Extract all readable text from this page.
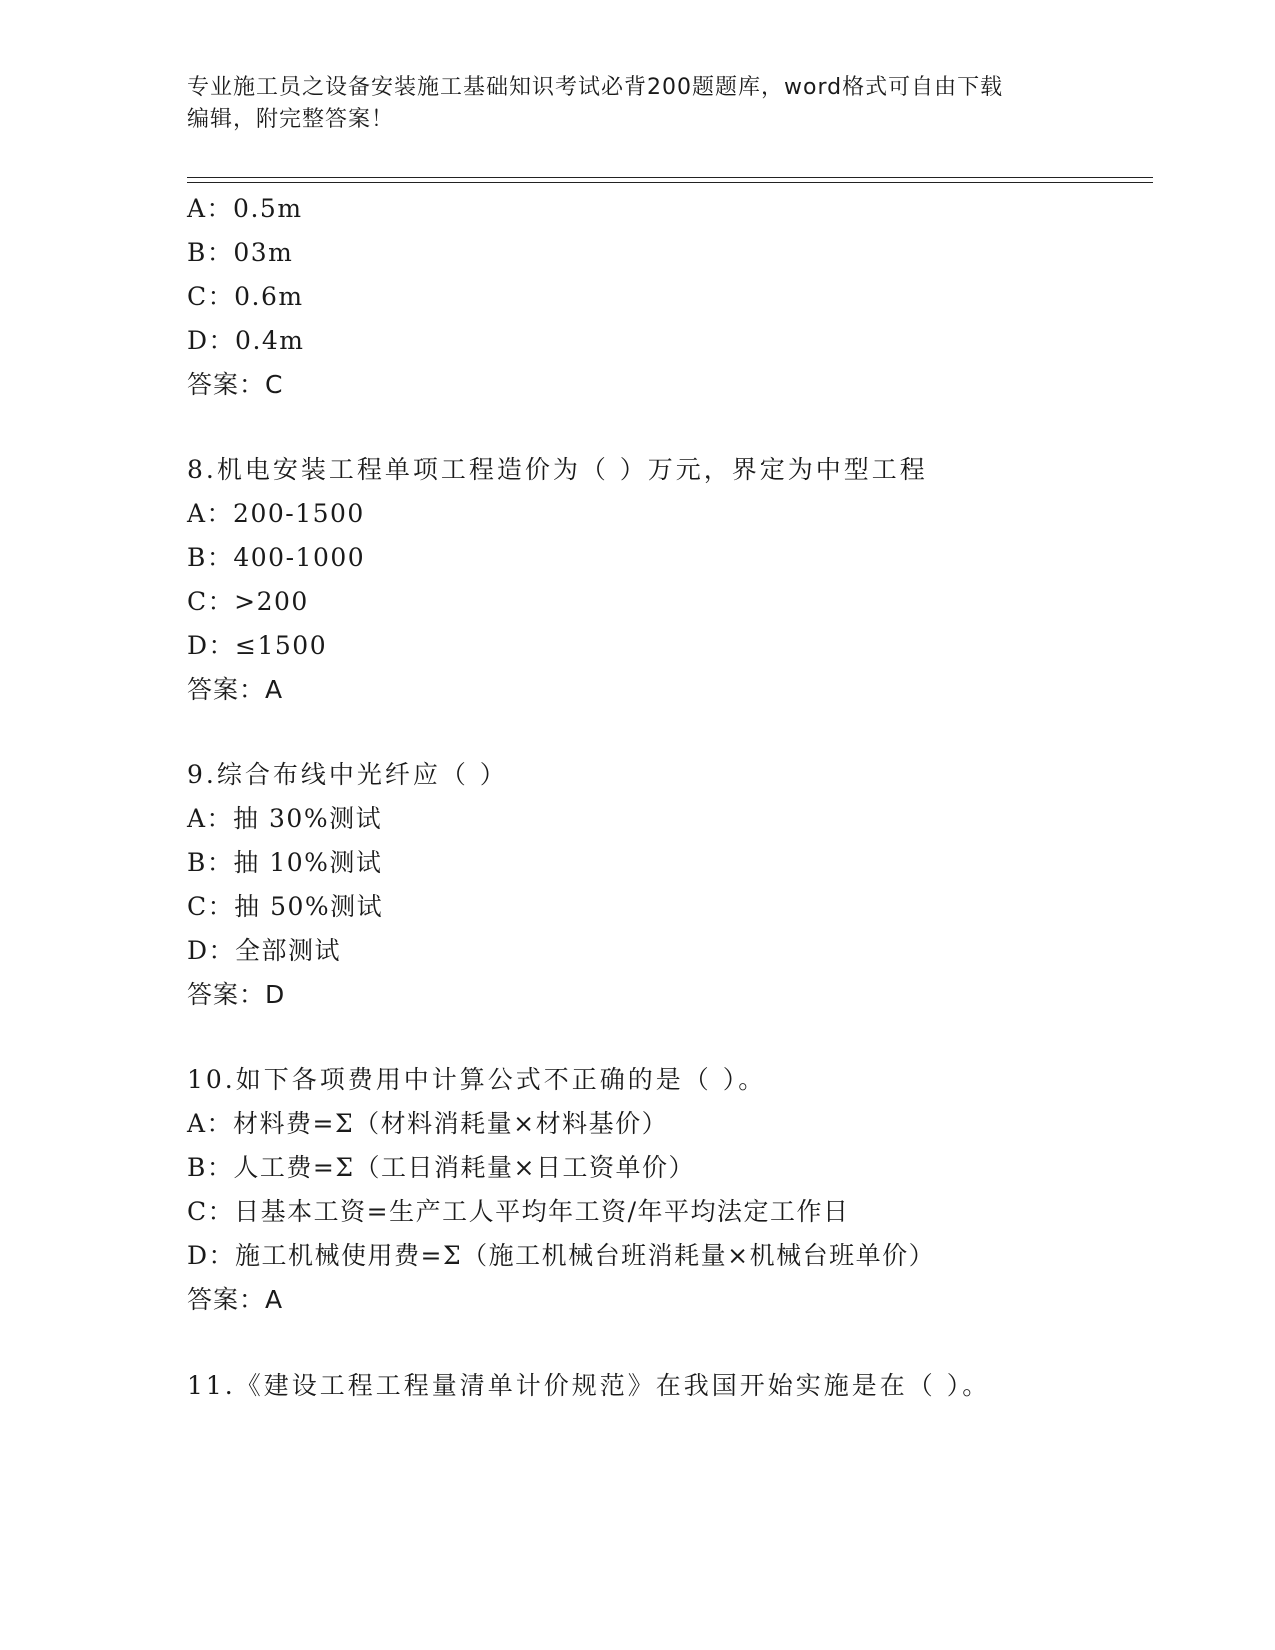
专业施工员之设备安装施工基础知识考试必背200题题库，word格式可自由下载
编辑，附完整答案！
A：0.5m
B：03m
C：0.6m
D：0.4m
答案：C
8.机电安装工程单项工程造价为（ ）万元，界定为中型工程
A：200-1500
B：400-1000
C：>200
D：≤1500
答案：A
9.综合布线中光纤应（ ）
A：抽 30%测试
B：抽 10%测试
C：抽 50%测试
D：全部测试
答案：D
10.如下各项费用中计算公式不正确的是（ ）。
A：材料费=Σ（材料消耗量×材料基价）
B：人工费=Σ（工日消耗量×日工资单价）
C：日基本工资=生产工人平均年工资/年平均法定工作日
D：施工机械使用费=Σ（施工机械台班消耗量×机械台班单价）
答案：A
11.《建设工程工程量清单计价规范》在我国开始实施是在（ ）。
